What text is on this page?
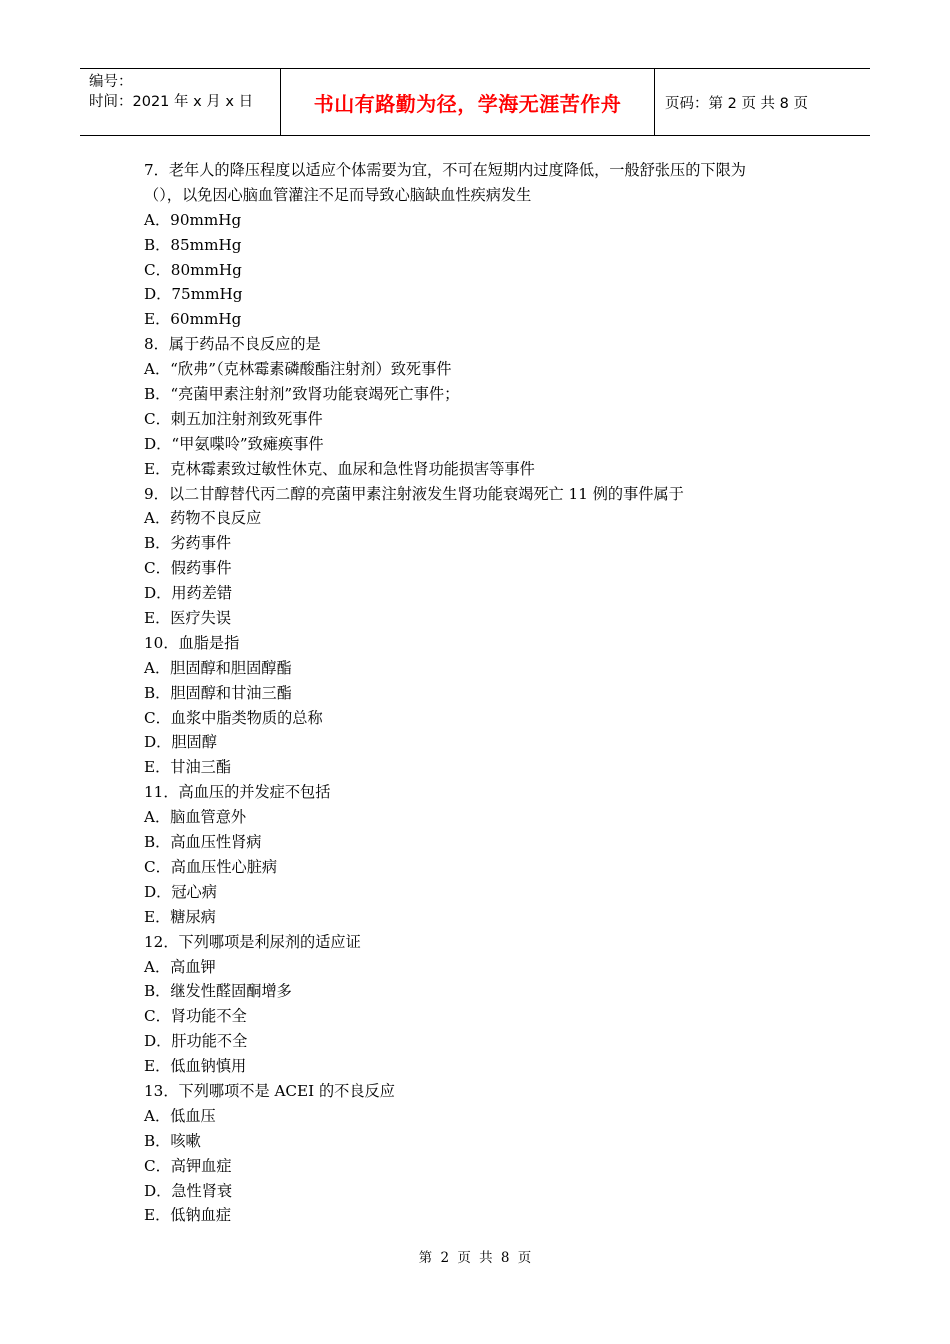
编号：
时间：2021 年 x 月 x 日	书山有路勤为径，学海无涯苦作舟	页码：第 2 页 共 8 页
7．老年人的降压程度以适应个体需要为宜，不可在短期内过度降低，一般舒张压的下限为
（），以免因心脑血管灌注不足而导致心脑缺血性疾病发生
A．90mmHg
B．85mmHg
C．80mmHg
D．75mmHg
E．60mmHg
8．属于药品不良反应的是
A．“欣弗”（克林霉素磷酸酯注射剂）致死事件
B．“亮菌甲素注射剂”致肾功能衰竭死亡事件；
C．刺五加注射剂致死事件
D．“甲氨喋呤”致瘫痪事件
E．克林霉素致过敏性休克、血尿和急性肾功能损害等事件
9．以二甘醇替代丙二醇的亮菌甲素注射液发生肾功能衰竭死亡 11 例的事件属于
A．药物不良反应
B．劣药事件
C．假药事件
D．用药差错
E．医疗失误
10．血脂是指
A．胆固醇和胆固醇酯
B．胆固醇和甘油三酯
C．血浆中脂类物质的总称
D．胆固醇
E．甘油三酯
11．高血压的并发症不包括
A．脑血管意外
B．高血压性肾病
C．高血压性心脏病
D．冠心病
E．糖尿病
12．下列哪项是利尿剂的适应证
A．高血钾
B．继发性醛固酮增多
C．肾功能不全
D．肝功能不全
E．低血钠慎用
13．下列哪项不是 ACEI 的不良反应
A．低血压
B．咳嗽
C．高钾血症
D．急性肾衰
E．低钠血症
第 2 页 共 8 页
